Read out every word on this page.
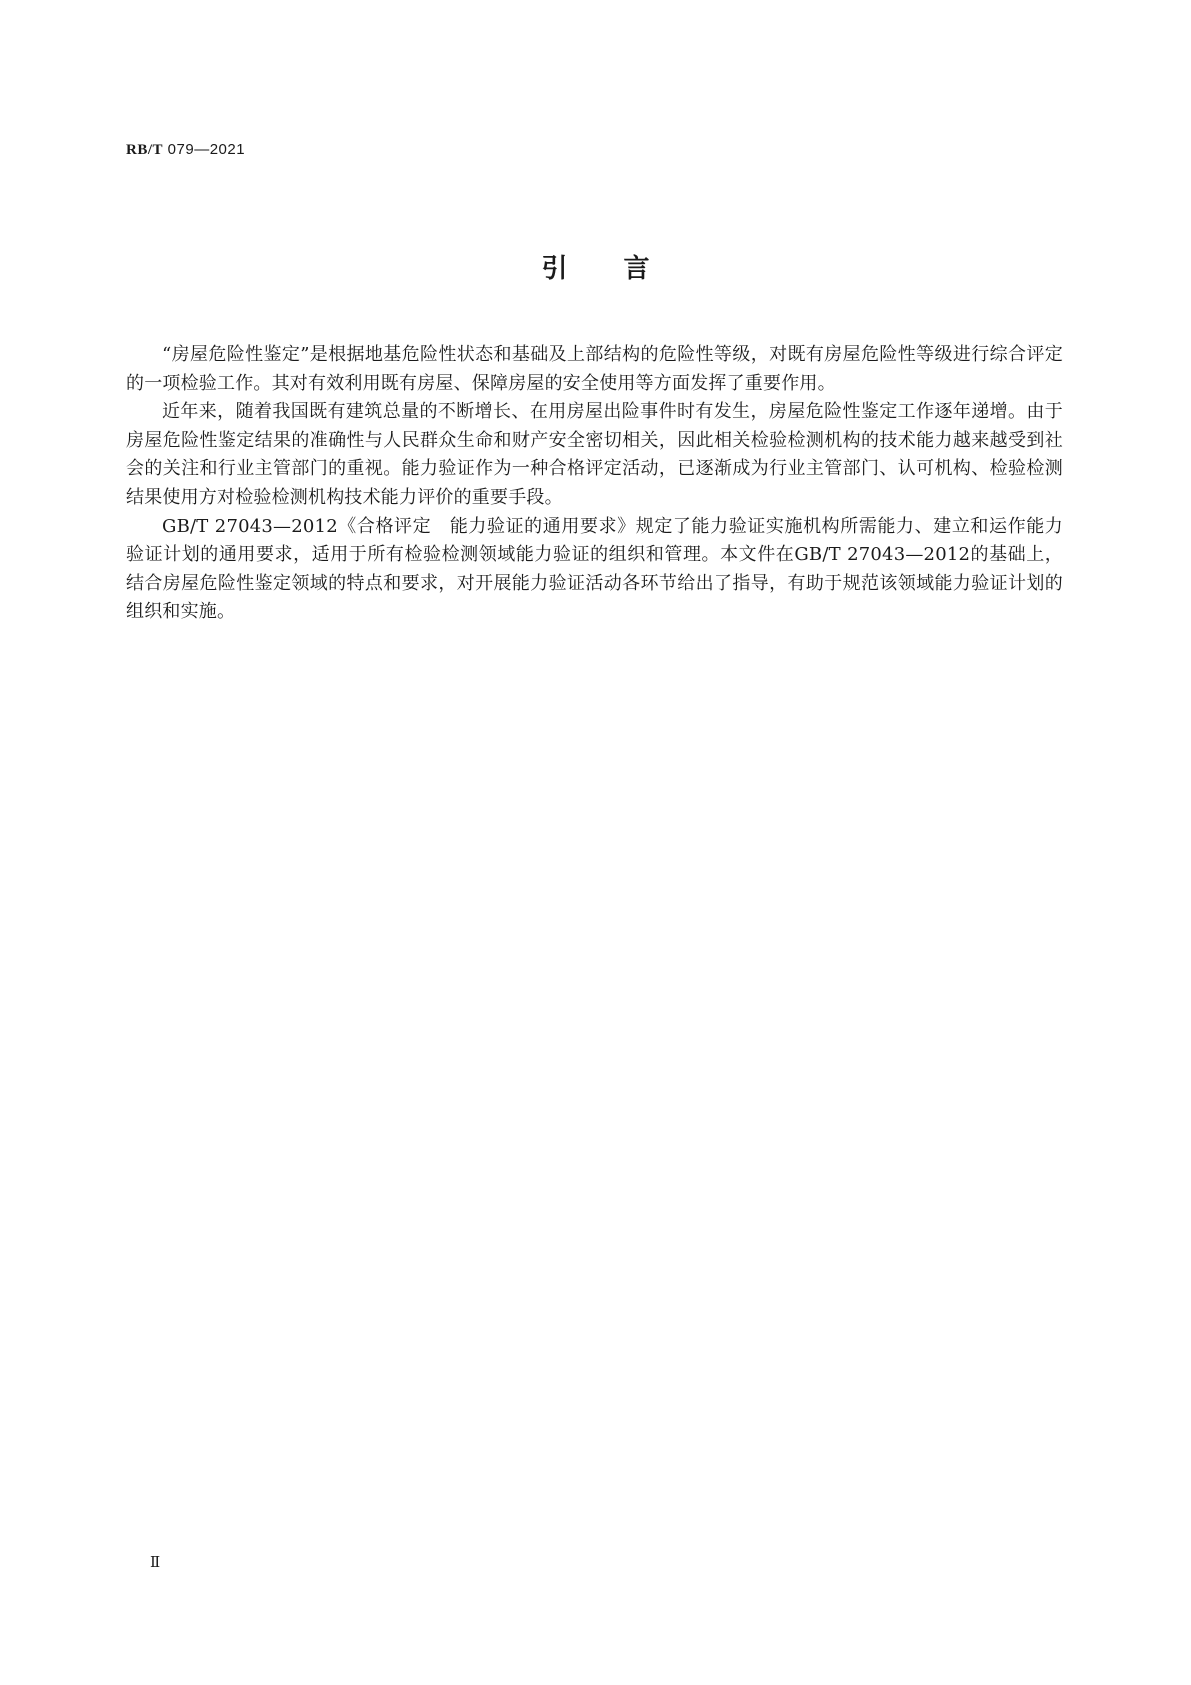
RB/T 079—2021
引言

“房屋危险性鉴定”是根据地基危险性状态和基础及上部结构的危险性等级，对既有房屋危险性等级进行综合评定的一项检验工作。其对有效利用既有房屋、保障房屋的安全使用等方面发挥了重要作用。

近年来，随着我国既有建筑总量的不断增长、在用房屋出险事件时有发生，房屋危险性鉴定工作逐年递增。由于房屋危险性鉴定结果的准确性与人民群众生命和财产安全密切相关，因此相关检验检测机构的技术能力越来越受到社会的关注和行业主管部门的重视。能力验证作为一种合格评定活动，已逐渐成为行业主管部门、认可机构、检验检测结果使用方对检验检测机构技术能力评价的重要手段。

GB/T 27043—2012《合格评定　能力验证的通用要求》规定了能力验证实施机构所需能力、建立和运作能力验证计划的通用要求，适用于所有检验检测领域能力验证的组织和管理。本文件在GB/T 27043—2012的基础上，结合房屋危险性鉴定领域的特点和要求，对开展能力验证活动各环节给出了指导，有助于规范该领域能力验证计划的组织和实施。

Ⅱ
